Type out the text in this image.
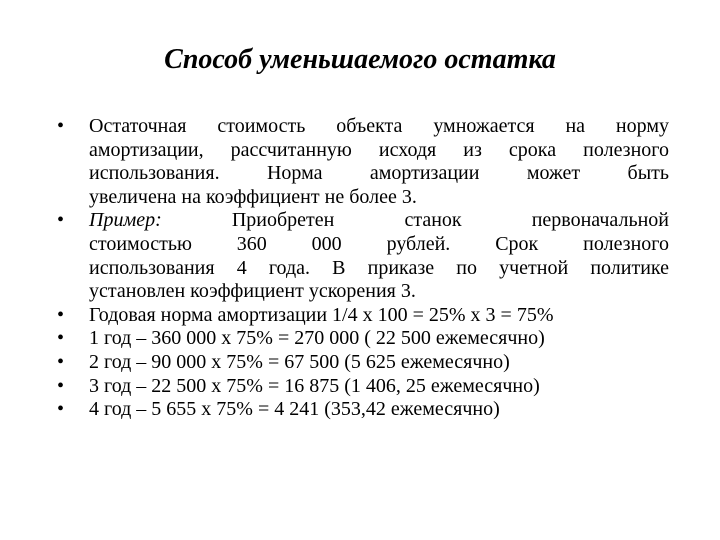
Способ уменьшаемого остатка
• Остаточная стоимость объекта умножается на норму
амортизации, рассчитанную исходя из срока полезного
использования. Норма амортизации может быть
увеличена на коэффициент не более 3.
• Пример:	Приобретен станок первоначальной
стоимостью 360 000 рублей. Срок полезного
использования 4 года. В приказе по учетной политике
установлен коэффициент ускорения 3.
• Годовая норма амортизации 1/4 х 100 = 25% х 3 = 75%
• 1 год – 360 000 х 75% = 270 000 ( 22 500 ежемесячно)
• 2 год – 90 000 х 75% = 67 500 (5 625 ежемесячно)
• 3 год – 22 500 х 75% = 16 875 (1 406, 25 ежемесячно)
• 4 год – 5 655 х 75% = 4 241 (353,42 ежемесячно)
